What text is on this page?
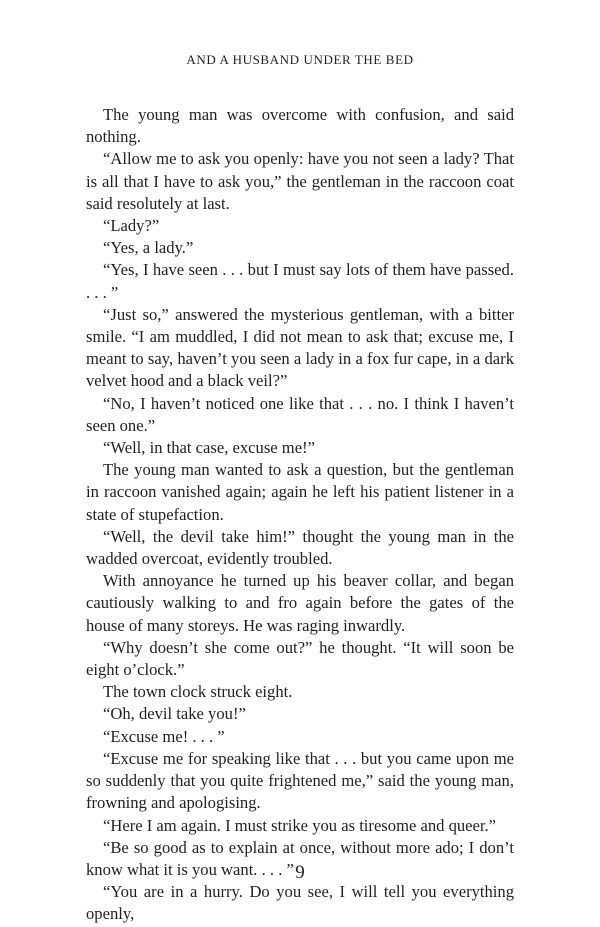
AND A HUSBAND UNDER THE BED

The young man was overcome with confusion, and said nothing.

“Allow me to ask you openly: have you not seen a lady? That is all that I have to ask you,” the gentleman in the raccoon coat said resolutely at last.

“Lady?”

“Yes, a lady.”

“Yes, I have seen . . . but I must say lots of them have passed. . . . ”

“Just so,” answered the mysterious gentleman, with a bitter smile. “I am muddled, I did not mean to ask that; excuse me, I meant to say, haven’t you seen a lady in a fox fur cape, in a dark velvet hood and a black veil?”

“No, I haven’t noticed one like that . . . no. I think I haven’t seen one.”

“Well, in that case, excuse me!”

The young man wanted to ask a question, but the gentleman in raccoon vanished again; again he left his patient listener in a state of stupefaction.

“Well, the devil take him!” thought the young man in the wadded overcoat, evidently troubled.

With annoyance he turned up his beaver collar, and began cautiously walking to and fro again before the gates of the house of many storeys. He was raging inwardly.

“Why doesn’t she come out?” he thought. “It will soon be eight o’clock.”

The town clock struck eight.

“Oh, devil take you!”

“Excuse me! . . . ”

“Excuse me for speaking like that . . . but you came upon me so suddenly that you quite frightened me,” said the young man, frowning and apologising.

“Here I am again. I must strike you as tiresome and queer.”

“Be so good as to explain at once, without more ado; I don’t know what it is you want. . . . ”

“You are in a hurry. Do you see, I will tell you everything openly,

9
